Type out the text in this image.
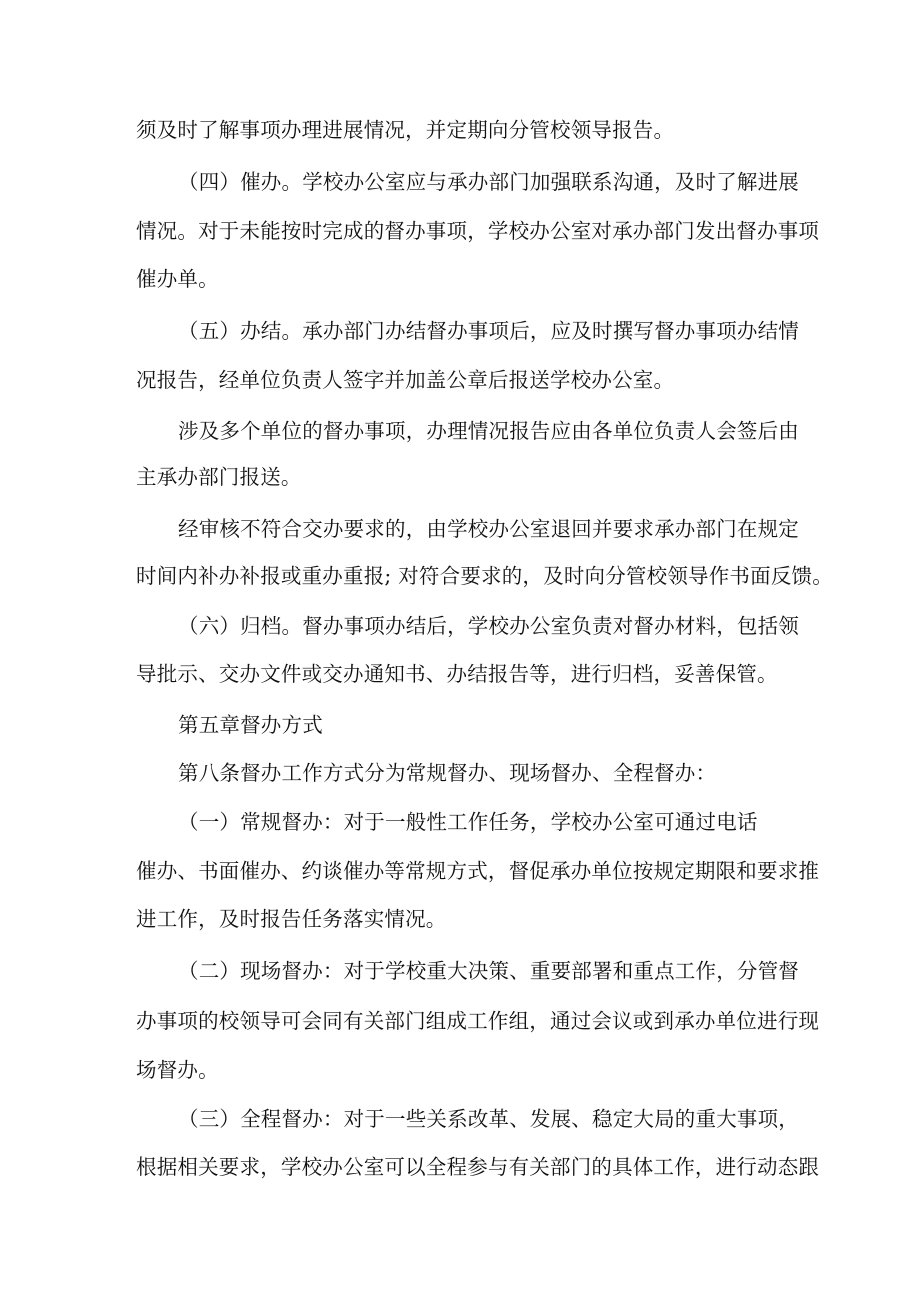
须及时了解事项办理进展情况，并定期向分管校领导报告。
（四）催办。学校办公室应与承办部门加强联系沟通，及时了解进展
情况。对于未能按时完成的督办事项，学校办公室对承办部门发出督办事项
催办单。
（五）办结。承办部门办结督办事项后，应及时撰写督办事项办结情
况报告，经单位负责人签字并加盖公章后报送学校办公室。
涉及多个单位的督办事项，办理情况报告应由各单位负责人会签后由
主承办部门报送。
经审核不符合交办要求的，由学校办公室退回并要求承办部门在规定
时间内补办补报或重办重报; 对符合要求的，及时向分管校领导作书面反馈。
（六）归档。督办事项办结后，学校办公室负责对督办材料，包括领
导批示、交办文件或交办通知书、办结报告等，进行归档，妥善保管。
第五章督办方式
第八条督办工作方式分为常规督办、现场督办、全程督办：
（一）常规督办：对于一般性工作任务，学校办公室可通过电话
催办、书面催办、约谈催办等常规方式，督促承办单位按规定期限和要求推
进工作，及时报告任务落实情况。
（二）现场督办：对于学校重大决策、重要部署和重点工作，分管督
办事项的校领导可会同有关部门组成工作组，通过会议或到承办单位进行现
场督办。
（三）全程督办：对于一些关系改革、发展、稳定大局的重大事项，
根据相关要求，学校办公室可以全程参与有关部门的具体工作，进行动态跟
